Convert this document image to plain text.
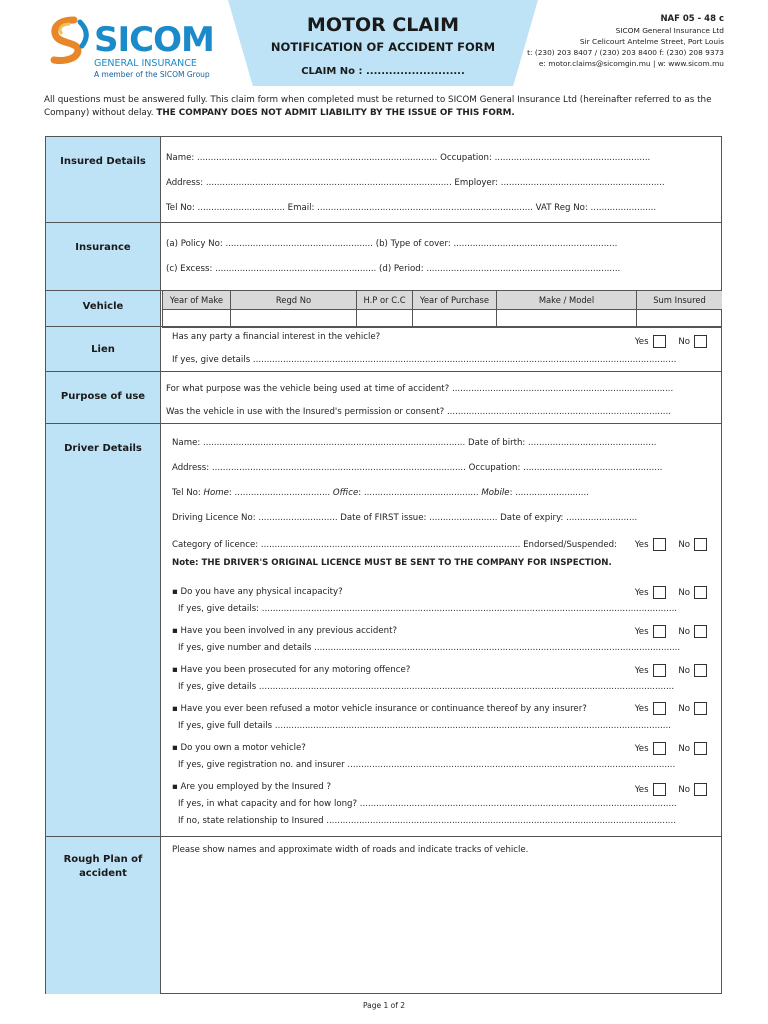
SICOM
GENERAL INSURANCE
A member of the SICOM Group
MOTOR CLAIM
NOTIFICATION OF ACCIDENT FORM
CLAIM No : ..........................
NAF 05 - 48 c
SICOM General Insurance Ltd
Sir Celicourt Antelme Street, Port Louis
t: (230) 203 8407 / (230) 203 8400 f: (230) 208 9373
e: motor.claims@sicomgin.mu | w: www.sicom.mu
All questions must be answered fully. This claim form when completed must be returned to SICOM General Insurance Ltd (hereinafter referred to as the Company) without delay. THE COMPANY DOES NOT ADMIT LIABILITY BY THE ISSUE OF THIS FORM.
Insured Details	Name: ........................................................................................ Occupation: .........................................................
Address: .......................................................................................... Employer: ............................................................
Tel No: ................................ Email: ............................................................................... VAT Reg No: ........................
Insurance	(a) Policy No: ...................................................... (b) Type of cover: ............................................................
(c) Excess: ........................................................... (d) Period: .......................................................................
Vehicle
Year of Make	Regd No	H.P or C.C	Year of Purchase	Make / Model	Sum Insured

Lien
Has any party a financial interest in the vehicle?	Yes	No
If yes, give details ...........................................................................................................................................................
Purpose of use
For what purpose was the vehicle being used at time of accident? .................................................................................
Was the vehicle in use with the Insured's permission or consent? ..................................................................................
Driver Details	Name: ................................................................................................ Date of birth: ...............................................
Address: ............................................................................................. Occupation: ...................................................
Tel No: Home: ................................... Office: .......................................... Mobile: ...........................
Driving Licence No: ............................. Date of FIRST issue: ......................... Date of expiry: ..........................
Category of licence: ............................................................................................... Endorsed/Suspended: Yes	No
Note: THE DRIVER'S ORIGINAL LICENCE MUST BE SENT TO THE COMPANY FOR INSPECTION.
▪ Do you have any physical incapacity?	Yes	No
If yes, give details: ........................................................................................................................................................
▪ Have you been involved in any previous accident?	Yes	No
If yes, give number and details ......................................................................................................................................
▪ Have you been prosecuted for any motoring offence?	Yes	No
If yes, give details ........................................................................................................................................................
▪ Have you ever been refused a motor vehicle insurance or continuance thereof by any insurer?	Yes	No
If yes, give full details .................................................................................................................................................
▪ Do you own a motor vehicle?	Yes	No
If yes, give registration no. and insurer ........................................................................................................................
▪ Are you employed by the Insured ?	Yes	No
If yes, in what capacity and for how long? ....................................................................................................................
If no, state relationship to Insured ................................................................................................................................
Rough Plan of accident
Please show names and approximate width of roads and indicate tracks of vehicle.
Page 1 of 2
